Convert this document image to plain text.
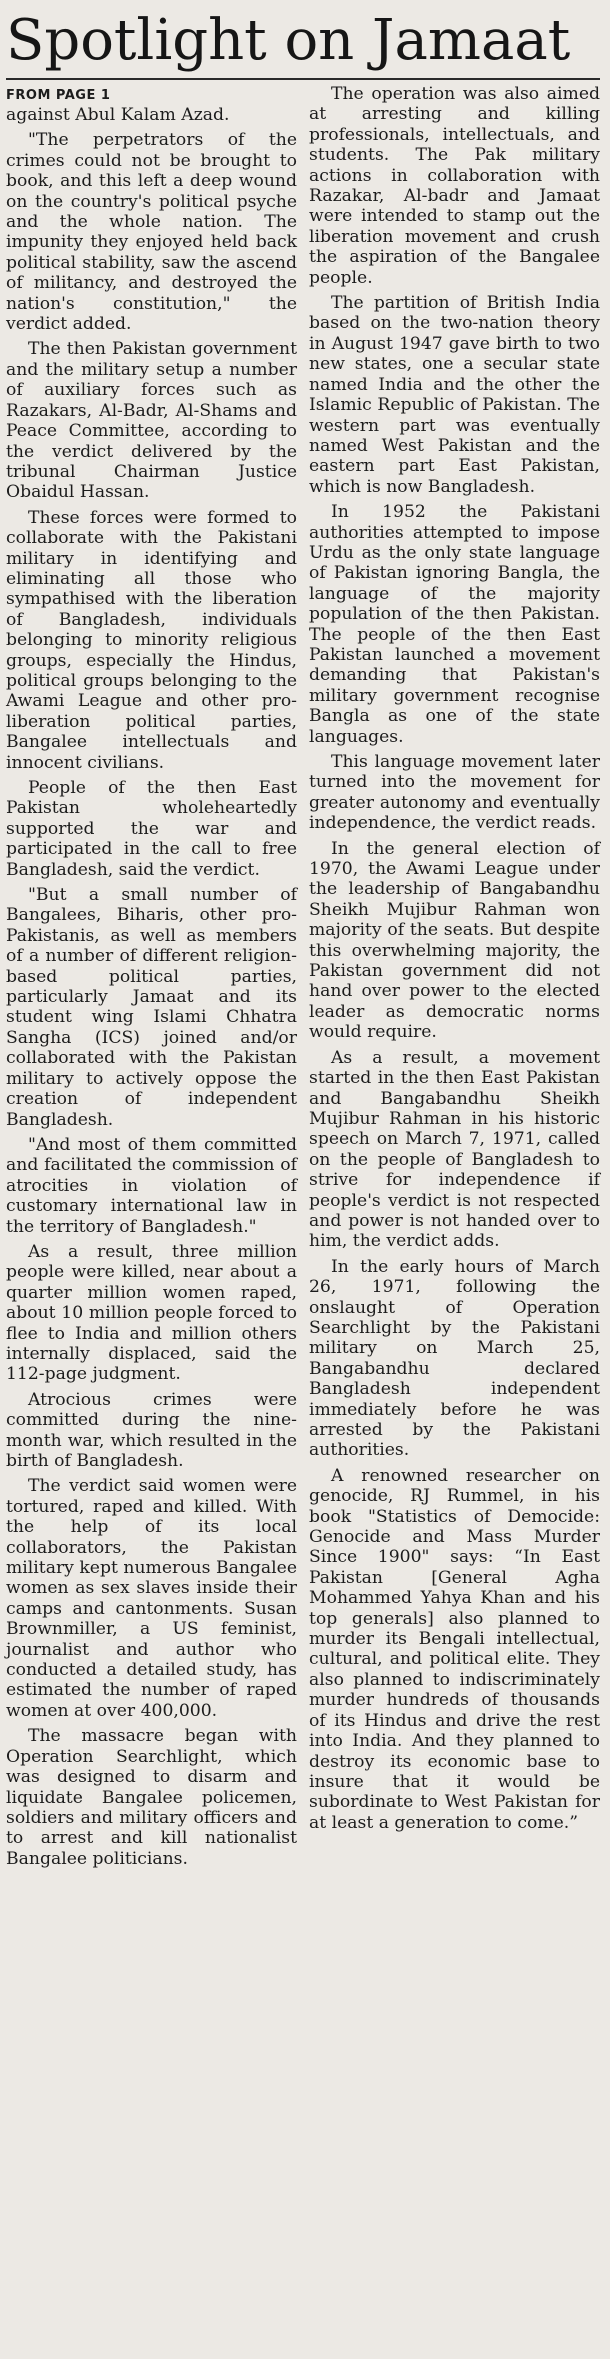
Spotlight on Jamaat
FROM PAGE 1

against Abul Kalam Azad.

"The perpetrators of the crimes could not be brought to book, and this left a deep wound on the country's political psyche and the whole nation. The impunity they enjoyed held back political stability, saw the ascend of militancy, and destroyed the nation's constitution," the verdict added.

The then Pakistan government and the military setup a number of auxiliary forces such as Razakars, Al-Badr, Al-Shams and Peace Committee, according to the verdict delivered by the tribunal Chairman Justice Obaidul Hassan.

These forces were formed to collaborate with the Pakistani military in identifying and eliminating all those who sympathised with the liberation of Bangladesh, individuals belonging to minority religious groups, especially the Hindus, political groups belonging to the Awami League and other pro-liberation political parties, Bangalee intellectuals and innocent civilians.

People of the then East Pakistan wholeheartedly supported the war and participated in the call to free Bangladesh, said the verdict.

"But a small number of Bangalees, Biharis, other pro-Pakistanis, as well as members of a number of different religion-based political parties, particularly Jamaat and its student wing Islami Chhatra Sangha (ICS) joined and/or collaborated with the Pakistan military to actively oppose the creation of independent Bangladesh.

"And most of them committed and facilitated the commission of atrocities in violation of customary international law in the territory of Bangladesh."

As a result, three million people were killed, near about a quarter million women raped, about 10 million people forced to flee to India and million others internally displaced, said the 112-page judgment.

Atrocious crimes were committed during the nine-month war, which resulted in the birth of Bangladesh.

The verdict said women were tortured, raped and killed. With the help of its local collaborators, the Pakistan military kept numerous Bangalee women as sex slaves inside their camps and cantonments. Susan Brownmiller, a US feminist, journalist and author who conducted a detailed study, has estimated the number of raped women at over 400,000.

The massacre began with Operation Searchlight, which was designed to disarm and liquidate Bangalee policemen, soldiers and military officers and to arrest and kill nationalist Bangalee politicians.

The operation was also aimed at arresting and killing professionals, intellectuals, and students. The Pak military actions in collaboration with Razakar, Al-badr and Jamaat were intended to stamp out the liberation movement and crush the aspiration of the Bangalee people.

The partition of British India based on the two-nation theory in August 1947 gave birth to two new states, one a secular state named India and the other the Islamic Republic of Pakistan. The western part was eventually named West Pakistan and the eastern part East Pakistan, which is now Bangladesh.

In 1952 the Pakistani authorities attempted to impose Urdu as the only state language of Pakistan ignoring Bangla, the language of the majority population of the then Pakistan. The people of the then East Pakistan launched a movement demanding that Pakistan's military government recognise Bangla as one of the state languages.

This language movement later turned into the movement for greater autonomy and eventually independence, the verdict reads.

In the general election of 1970, the Awami League under the leadership of Bangabandhu Sheikh Mujibur Rahman won majority of the seats. But despite this overwhelming majority, the Pakistan government did not hand over power to the elected leader as democratic norms would require.

As a result, a movement started in the then East Pakistan and Bangabandhu Sheikh Mujibur Rahman in his historic speech on March 7, 1971, called on the people of Bangladesh to strive for independence if people's verdict is not respected and power is not handed over to him, the verdict adds.

In the early hours of March 26, 1971, following the onslaught of Operation Searchlight by the Pakistani military on March 25, Bangabandhu declared Bangladesh independent immediately before he was arrested by the Pakistani authorities.

A renowned researcher on genocide, RJ Rummel, in his book "Statistics of Democide: Genocide and Mass Murder Since 1900" says: “In East Pakistan [General Agha Mohammed Yahya Khan and his top generals] also planned to murder its Bengali intellectual, cultural, and political elite. They also planned to indiscriminately murder hundreds of thousands of its Hindus and drive the rest into India. And they planned to destroy its economic base to insure that it would be subordinate to West Pakistan for at least a generation to come.”
